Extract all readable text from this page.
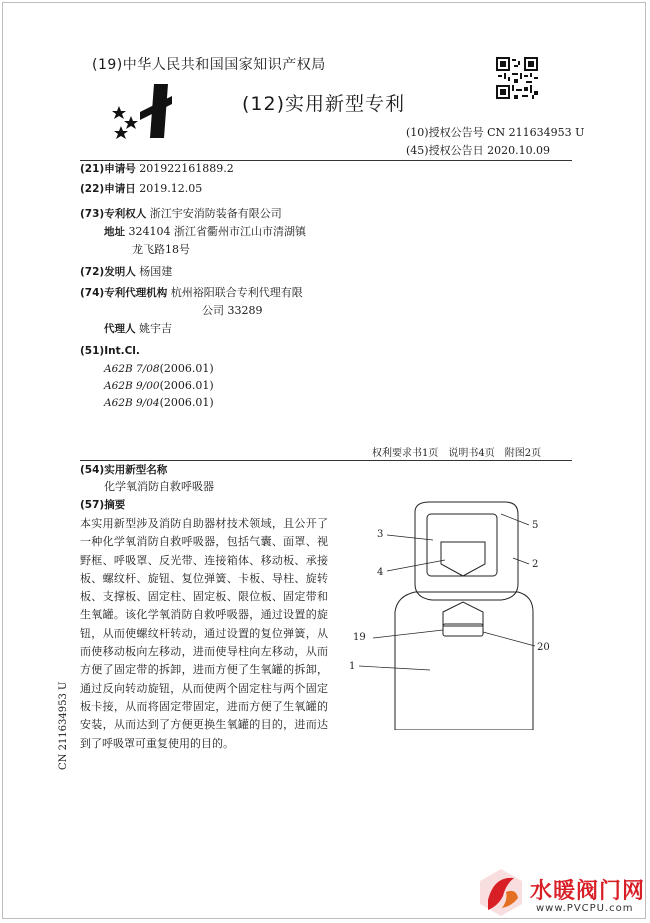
(19)中华人民共和国国家知识产权局
(12)实用新型专利
(10)授权公告号 CN 211634953 U
(45)授权公告日 2020.10.09
(21)申请号 201922161889.2
(22)申请日 2019.12.05
(73)专利权人 浙江宇安消防装备有限公司
地址 324104 浙江省衢州市江山市清湖镇
龙飞路18号
(72)发明人 杨国建
(74)专利代理机构 杭州裕阳联合专利代理有限
公司 33289
代理人 姚宇吉
(51)Int.Cl.
A62B 7/08(2006.01)
A62B 9/00(2006.01)
A62B 9/04(2006.01)
权利要求书1页　说明书4页　附图2页
(54)实用新型名称
化学氧消防自救呼吸器
(57)摘要
本实用新型涉及消防自助器材技术领域，且公开了一种化学氧消防自救呼吸器，包括气囊、面罩、视野框、呼吸罩、反光带、连接箱体、移动板、承接板、螺纹杆、旋钮、复位弹簧、卡板、导柱、旋转板、支撑板、固定柱、固定板、限位板、固定带和生氧罐。该化学氧消防自救呼吸器，通过设置的旋钮，从而使螺纹杆转动，通过设置的复位弹簧，从而使移动板向左移动，进而使导柱向左移动，从而方便了固定带的拆卸，进而方便了生氧罐的拆卸，通过反向转动旋钮，从而使两个固定柱与两个固定板卡接，从而将固定带固定，进而方便了生氧罐的安装，从而达到了方便更换生氧罐的目的，进而达到了呼吸罩可重复使用的目的。
CN 211634953 U
3
4
5
2
19
20
1
水暖阀门网
www.PVCPU.com
